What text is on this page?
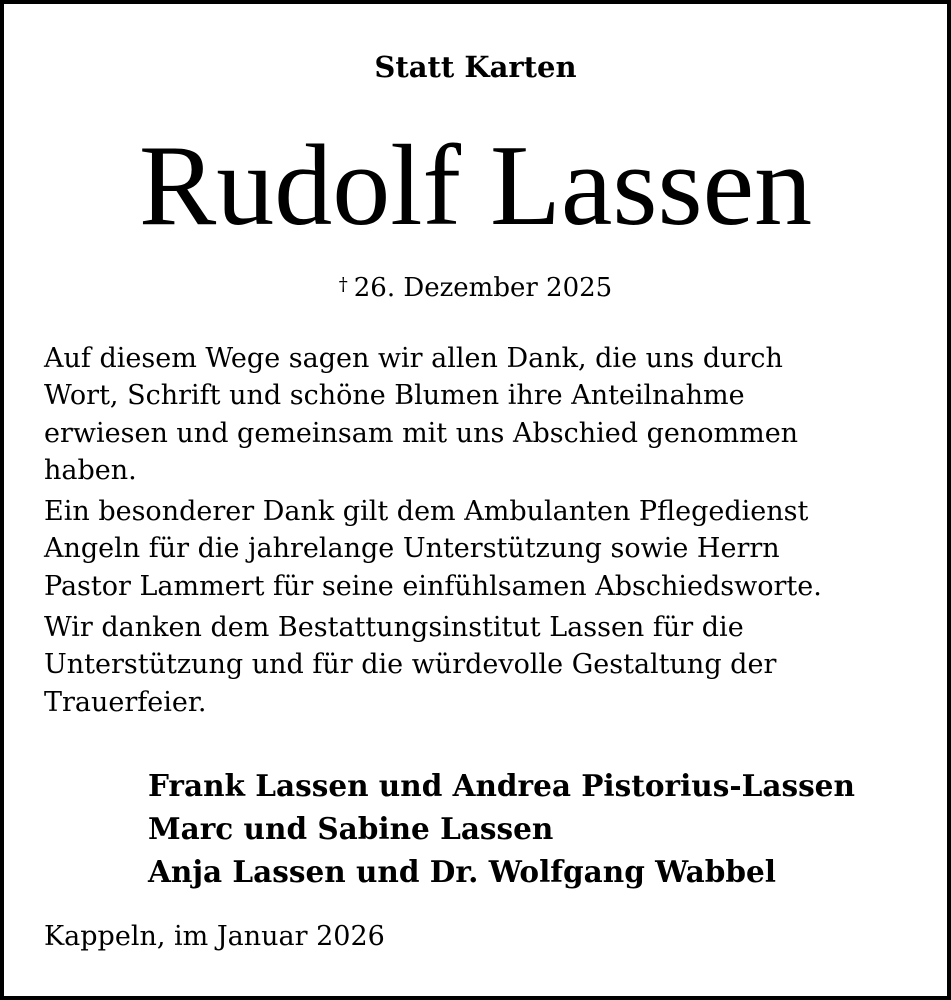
Statt Karten
Rudolf Lassen
† 26. Dezember 2025

Auf diesem Wege sagen wir allen Dank, die uns durch
Wort, Schrift und schöne Blumen ihre Anteilnahme
erwiesen und gemeinsam mit uns Abschied genommen
haben.

Ein besonderer Dank gilt dem Ambulanten Pflegedienst
Angeln für die jahrelange Unterstützung sowie Herrn
Pastor Lammert für seine einfühlsamen Abschiedsworte.

Wir danken dem Bestattungsinstitut Lassen für die
Unterstützung und für die würdevolle Gestaltung der
Trauerfeier.

Frank Lassen und Andrea Pistorius-Lassen
Marc und Sabine Lassen
Anja Lassen und Dr. Wolfgang Wabbel
Kappeln, im Januar 2026
